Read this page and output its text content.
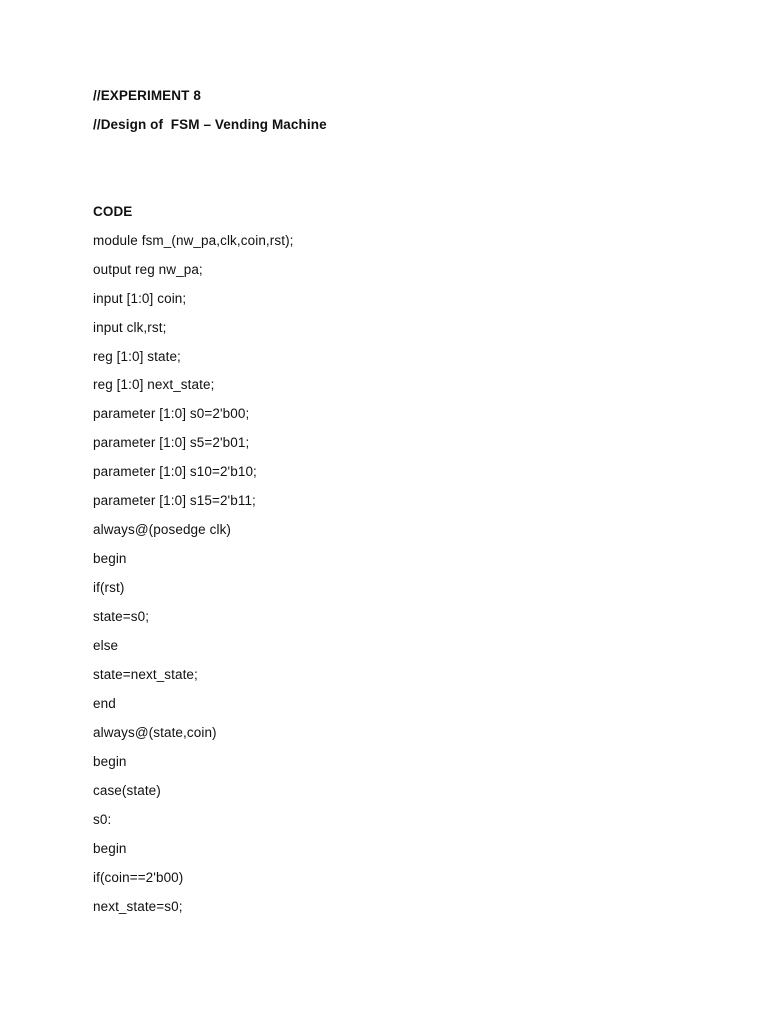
//EXPERIMENT 8
//Design of  FSM – Vending Machine
CODE
module fsm_(nw_pa,clk,coin,rst);
output reg nw_pa;
input [1:0] coin;
input clk,rst;
reg [1:0] state;
reg [1:0] next_state;
parameter [1:0] s0=2'b00;
parameter [1:0] s5=2'b01;
parameter [1:0] s10=2'b10;
parameter [1:0] s15=2'b11;
always@(posedge clk)
begin
if(rst)
state=s0;
else
state=next_state;
end
always@(state,coin)
begin
case(state)
s0:
begin
if(coin==2'b00)
next_state=s0;
